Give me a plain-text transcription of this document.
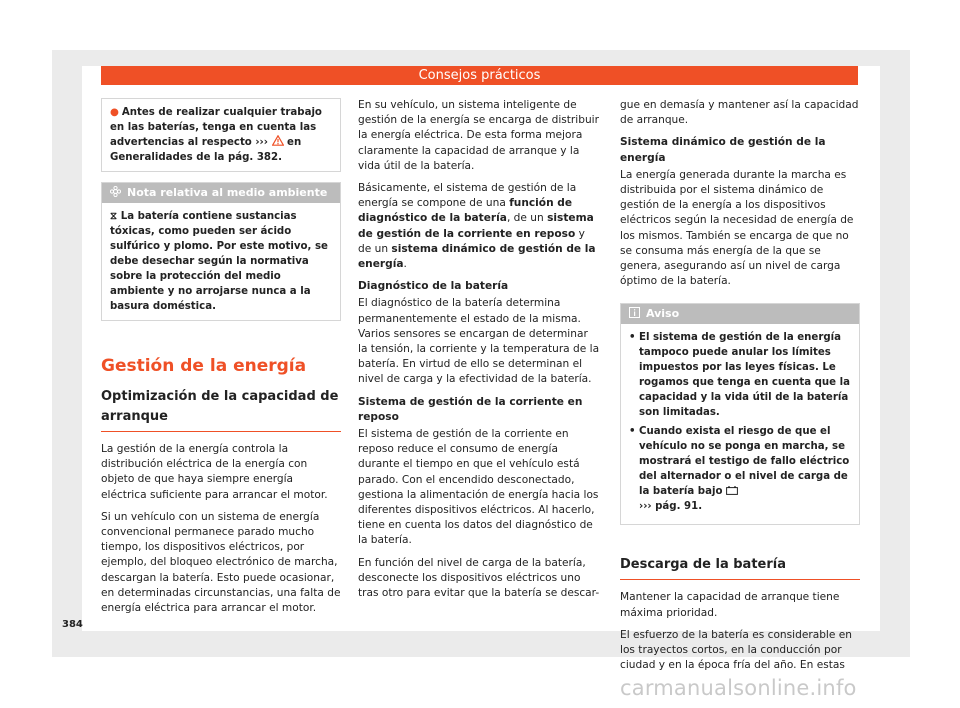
Consejos prácticos
● Antes de realizar cualquier trabajo en las baterías, tenga en cuenta las advertencias al respecto ›››  en Generalidades de la pág. 382.
Nota relativa al medio ambiente
⧖ La batería contiene sustancias tóxicas, como pueden ser ácido sulfúrico y plomo. Por este motivo, se debe desechar según la normativa sobre la protección del medio ambiente y no arrojarse nunca a la basura doméstica.
Gestión de la energía
Optimización de la capacidad de arranque

La gestión de la energía controla la distribución eléctrica de la energía con objeto de que haya siempre energía eléctrica suficiente para arrancar el motor.

Si un vehículo con un sistema de energía convencional permanece parado mucho tiempo, los dispositivos eléctricos, por ejemplo, del bloqueo electrónico de marcha, descargan la batería. Esto puede ocasionar, en determinadas circunstancias, una falta de energía eléctrica para arrancar el motor.

En su vehículo, un sistema inteligente de gestión de la energía se encarga de distribuir la energía eléctrica. De esta forma mejora claramente la capacidad de arranque y la vida útil de la batería.

Básicamente, el sistema de gestión de la energía se compone de una función de diagnóstico de la batería, de un sistema de gestión de la corriente en reposo y de un sistema dinámico de gestión de la energía.

Diagnóstico de la batería

El diagnóstico de la batería determina permanentemente el estado de la misma. Varios sensores se encargan de determinar la tensión, la corriente y la temperatura de la batería. En virtud de ello se determinan el nivel de carga y la efectividad de la batería.

Sistema de gestión de la corriente en reposo

El sistema de gestión de la corriente en reposo reduce el consumo de energía durante el tiempo en que el vehículo está parado. Con el encendido desconectado, gestiona la alimentación de energía hacia los diferentes dispositivos eléctricos. Al hacerlo, tiene en cuenta los datos del diagnóstico de la batería.

En función del nivel de carga de la batería, desconecte los dispositivos eléctricos uno tras otro para evitar que la batería se descar-

gue en demasía y mantener así la capacidad de arranque.

Sistema dinámico de gestión de la energía

La energía generada durante la marcha es distribuida por el sistema dinámico de gestión de la energía a los dispositivos eléctricos según la necesidad de energía de los mismos. También se encarga de que no se consuma más energía de la que se genera, asegurando así un nivel de carga óptimo de la batería.

Aviso
• El sistema de gestión de la energía tampoco puede anular los límites impuestos por las leyes físicas. Le rogamos que tenga en cuenta que la capacidad y la vida útil de la batería son limitadas.
• Cuando exista el riesgo de que el vehículo no se ponga en marcha, se mostrará el testigo de fallo eléctrico del alternador o el nivel de carga de la batería bajo
››› pág. 91.
Descarga de la batería

Mantener la capacidad de arranque tiene máxima prioridad.

El esfuerzo de la batería es considerable en los trayectos cortos, en la conducción por ciudad y en la época fría del año. En estas

384
carmanualsonline.info
